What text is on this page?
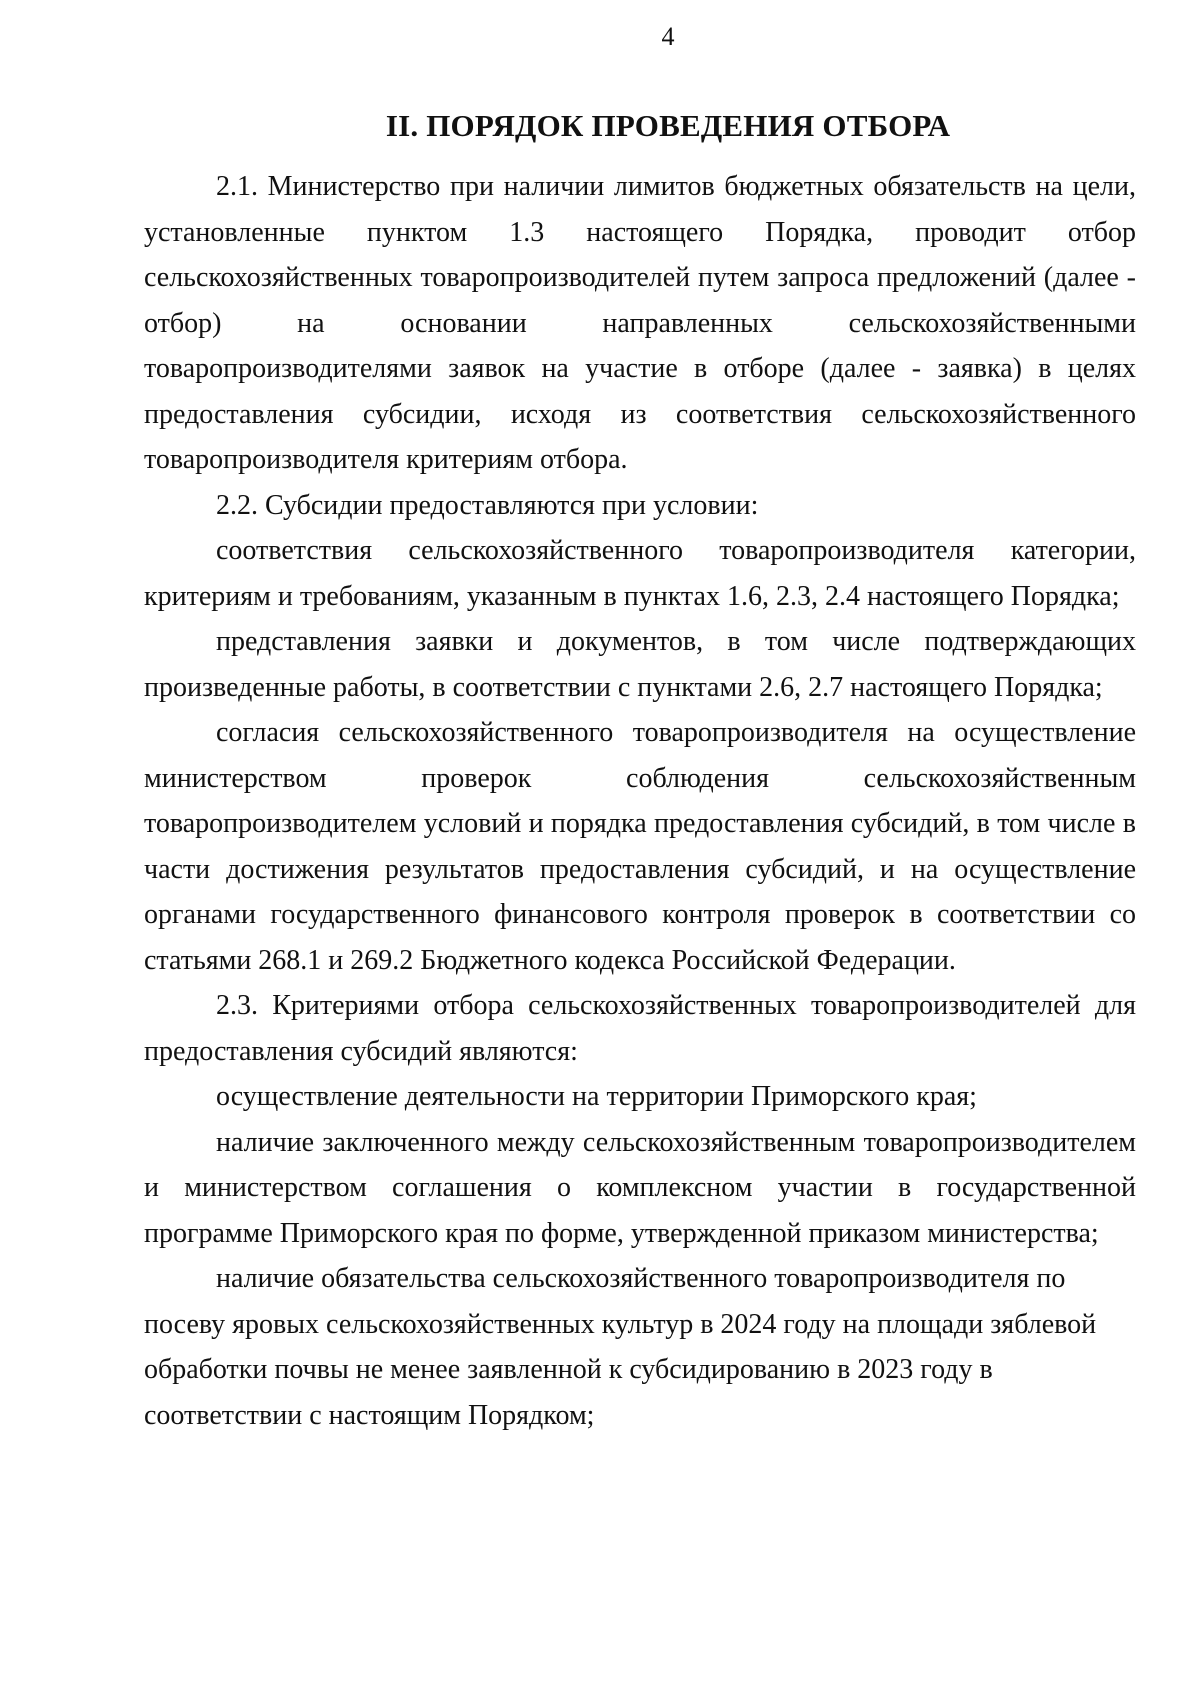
4
II. ПОРЯДОК ПРОВЕДЕНИЯ ОТБОРА

2.1. Министерство при наличии лимитов бюджетных обязательств на цели, установленные пунктом 1.3 настоящего Порядка, проводит отбор сельскохозяйственных товаропроизводителей путем запроса предложений (далее - отбор) на основании направленных сельскохозяйственными товаропроизводителями заявок на участие в отборе (далее - заявка) в целях предоставления субсидии, исходя из соответствия сельскохозяйственного товаропроизводителя критериям отбора.

2.2. Субсидии предоставляются при условии:

соответствия сельскохозяйственного товаропроизводителя категории, критериям и требованиям, указанным в пунктах 1.6, 2.3, 2.4 настоящего Порядка;

представления заявки и документов, в том числе подтверждающих произведенные работы, в соответствии с пунктами 2.6, 2.7 настоящего Порядка;

согласия сельскохозяйственного товаропроизводителя на осуществление министерством проверок соблюдения сельскохозяйственным товаропроизводителем условий и порядка предоставления субсидий, в том числе в части достижения результатов предоставления субсидий, и на осуществление органами государственного финансового контроля проверок в соответствии со статьями 268.1 и 269.2 Бюджетного кодекса Российской Федерации.

2.3. Критериями отбора сельскохозяйственных товаропроизводителей для предоставления субсидий являются:

осуществление деятельности на территории Приморского края;

наличие заключенного между сельскохозяйственным товаропроизводителем и министерством соглашения о комплексном участии в государственной программе Приморского края по форме, утвержденной приказом министерства;

наличие обязательства сельскохозяйственного товаропроизводителя по посеву яровых сельскохозяйственных культур в 2024 году на площади зяблевой обработки почвы не менее заявленной к субсидированию в 2023 году в соответствии с настоящим Порядком;
